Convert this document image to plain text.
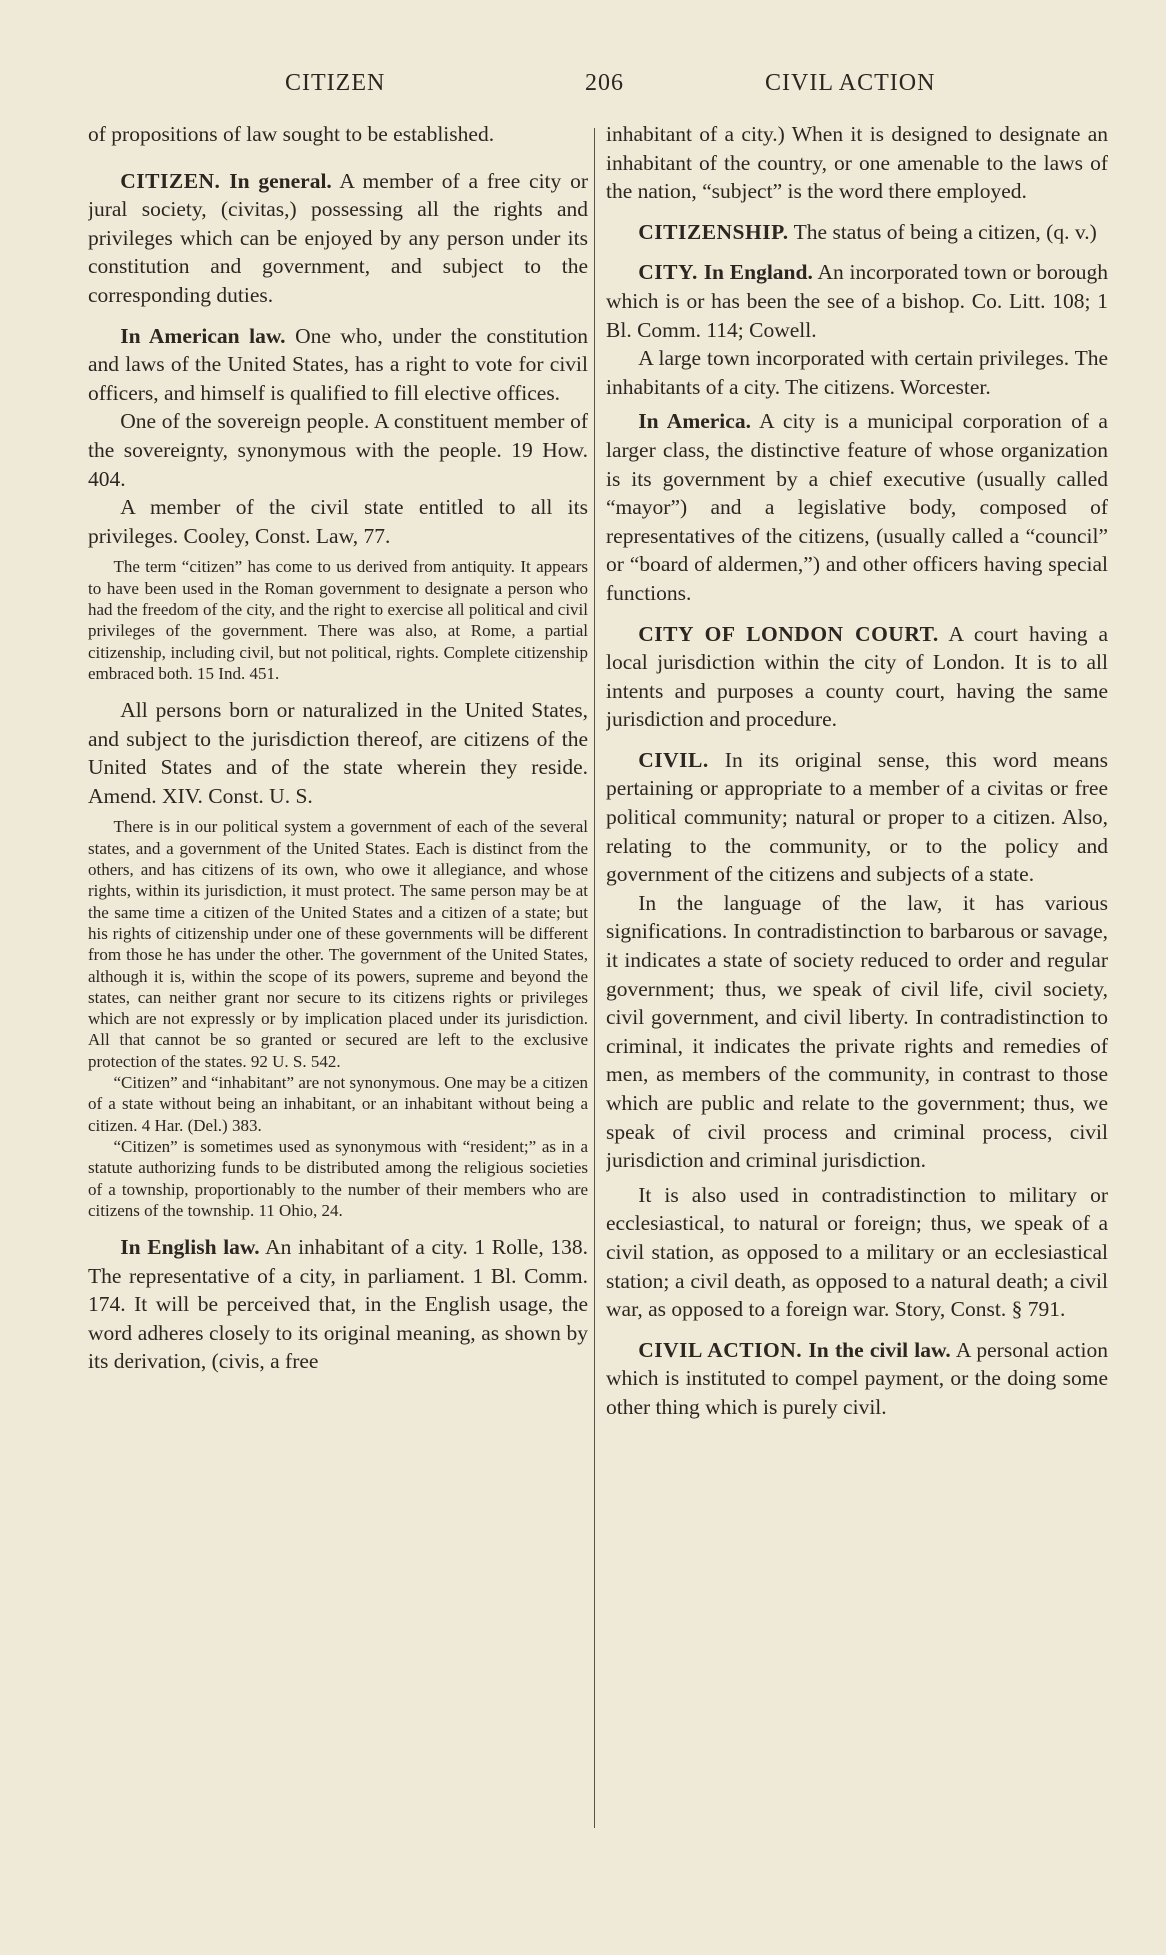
CITIZEN	206	CIVIL ACTION

of propositions of law sought to be established.

CITIZEN. In general. A member of a free city or jural society, (civitas,) possessing all the rights and privileges which can be enjoyed by any person under its constitution and government, and subject to the corresponding duties.

In American law. One who, under the constitution and laws of the United States, has a right to vote for civil officers, and himself is qualified to fill elective offices.

One of the sovereign people. A constituent member of the sovereignty, synonymous with the people. 19 How. 404.

A member of the civil state entitled to all its privileges. Cooley, Const. Law, 77.

The term “citizen” has come to us derived from antiquity. It appears to have been used in the Roman government to designate a person who had the freedom of the city, and the right to exercise all political and civil privileges of the government. There was also, at Rome, a partial citizenship, including civil, but not political, rights. Complete citizenship embraced both. 15 Ind. 451.

All persons born or naturalized in the United States, and subject to the jurisdiction thereof, are citizens of the United States and of the state wherein they reside. Amend. XIV. Const. U. S.

There is in our political system a government of each of the several states, and a government of the United States. Each is distinct from the others, and has citizens of its own, who owe it allegiance, and whose rights, within its jurisdiction, it must protect. The same person may be at the same time a citizen of the United States and a citizen of a state; but his rights of citizenship under one of these governments will be different from those he has under the other. The government of the United States, although it is, within the scope of its powers, supreme and beyond the states, can neither grant nor secure to its citizens rights or privileges which are not expressly or by implication placed under its jurisdiction. All that cannot be so granted or secured are left to the exclusive protection of the states. 92 U. S. 542.

“Citizen” and “inhabitant” are not synonymous. One may be a citizen of a state without being an inhabitant, or an inhabitant without being a citizen. 4 Har. (Del.) 383.

“Citizen” is sometimes used as synonymous with “resident;” as in a statute authorizing funds to be distributed among the religious societies of a township, proportionably to the number of their members who are citizens of the township. 11 Ohio, 24.

In English law. An inhabitant of a city. 1 Rolle, 138. The representative of a city, in parliament. 1 Bl. Comm. 174. It will be perceived that, in the English usage, the word adheres closely to its original meaning, as shown by its derivation, (civis, a free

inhabitant of a city.) When it is designed to designate an inhabitant of the country, or one amenable to the laws of the nation, “subject” is the word there employed.

CITIZENSHIP. The status of being a citizen, (q. v.)

CITY. In England. An incorporated town or borough which is or has been the see of a bishop. Co. Litt. 108; 1 Bl. Comm. 114; Cowell.

A large town incorporated with certain privileges. The inhabitants of a city. The citizens. Worcester.

In America. A city is a municipal corporation of a larger class, the distinctive feature of whose organization is its government by a chief executive (usually called “mayor”) and a legislative body, composed of representatives of the citizens, (usually called a “council” or “board of aldermen,”) and other officers having special functions.

CITY OF LONDON COURT. A court having a local jurisdiction within the city of London. It is to all intents and purposes a county court, having the same jurisdiction and procedure.

CIVIL. In its original sense, this word means pertaining or appropriate to a member of a civitas or free political community; natural or proper to a citizen. Also, relating to the community, or to the policy and government of the citizens and subjects of a state.

In the language of the law, it has various significations. In contradistinction to barbarous or savage, it indicates a state of society reduced to order and regular government; thus, we speak of civil life, civil society, civil government, and civil liberty. In contradistinction to criminal, it indicates the private rights and remedies of men, as members of the community, in contrast to those which are public and relate to the government; thus, we speak of civil process and criminal process, civil jurisdiction and criminal jurisdiction.

It is also used in contradistinction to military or ecclesiastical, to natural or foreign; thus, we speak of a civil station, as opposed to a military or an ecclesiastical station; a civil death, as opposed to a natural death; a civil war, as opposed to a foreign war. Story, Const. § 791.

CIVIL ACTION. In the civil law. A personal action which is instituted to compel payment, or the doing some other thing which is purely civil.
